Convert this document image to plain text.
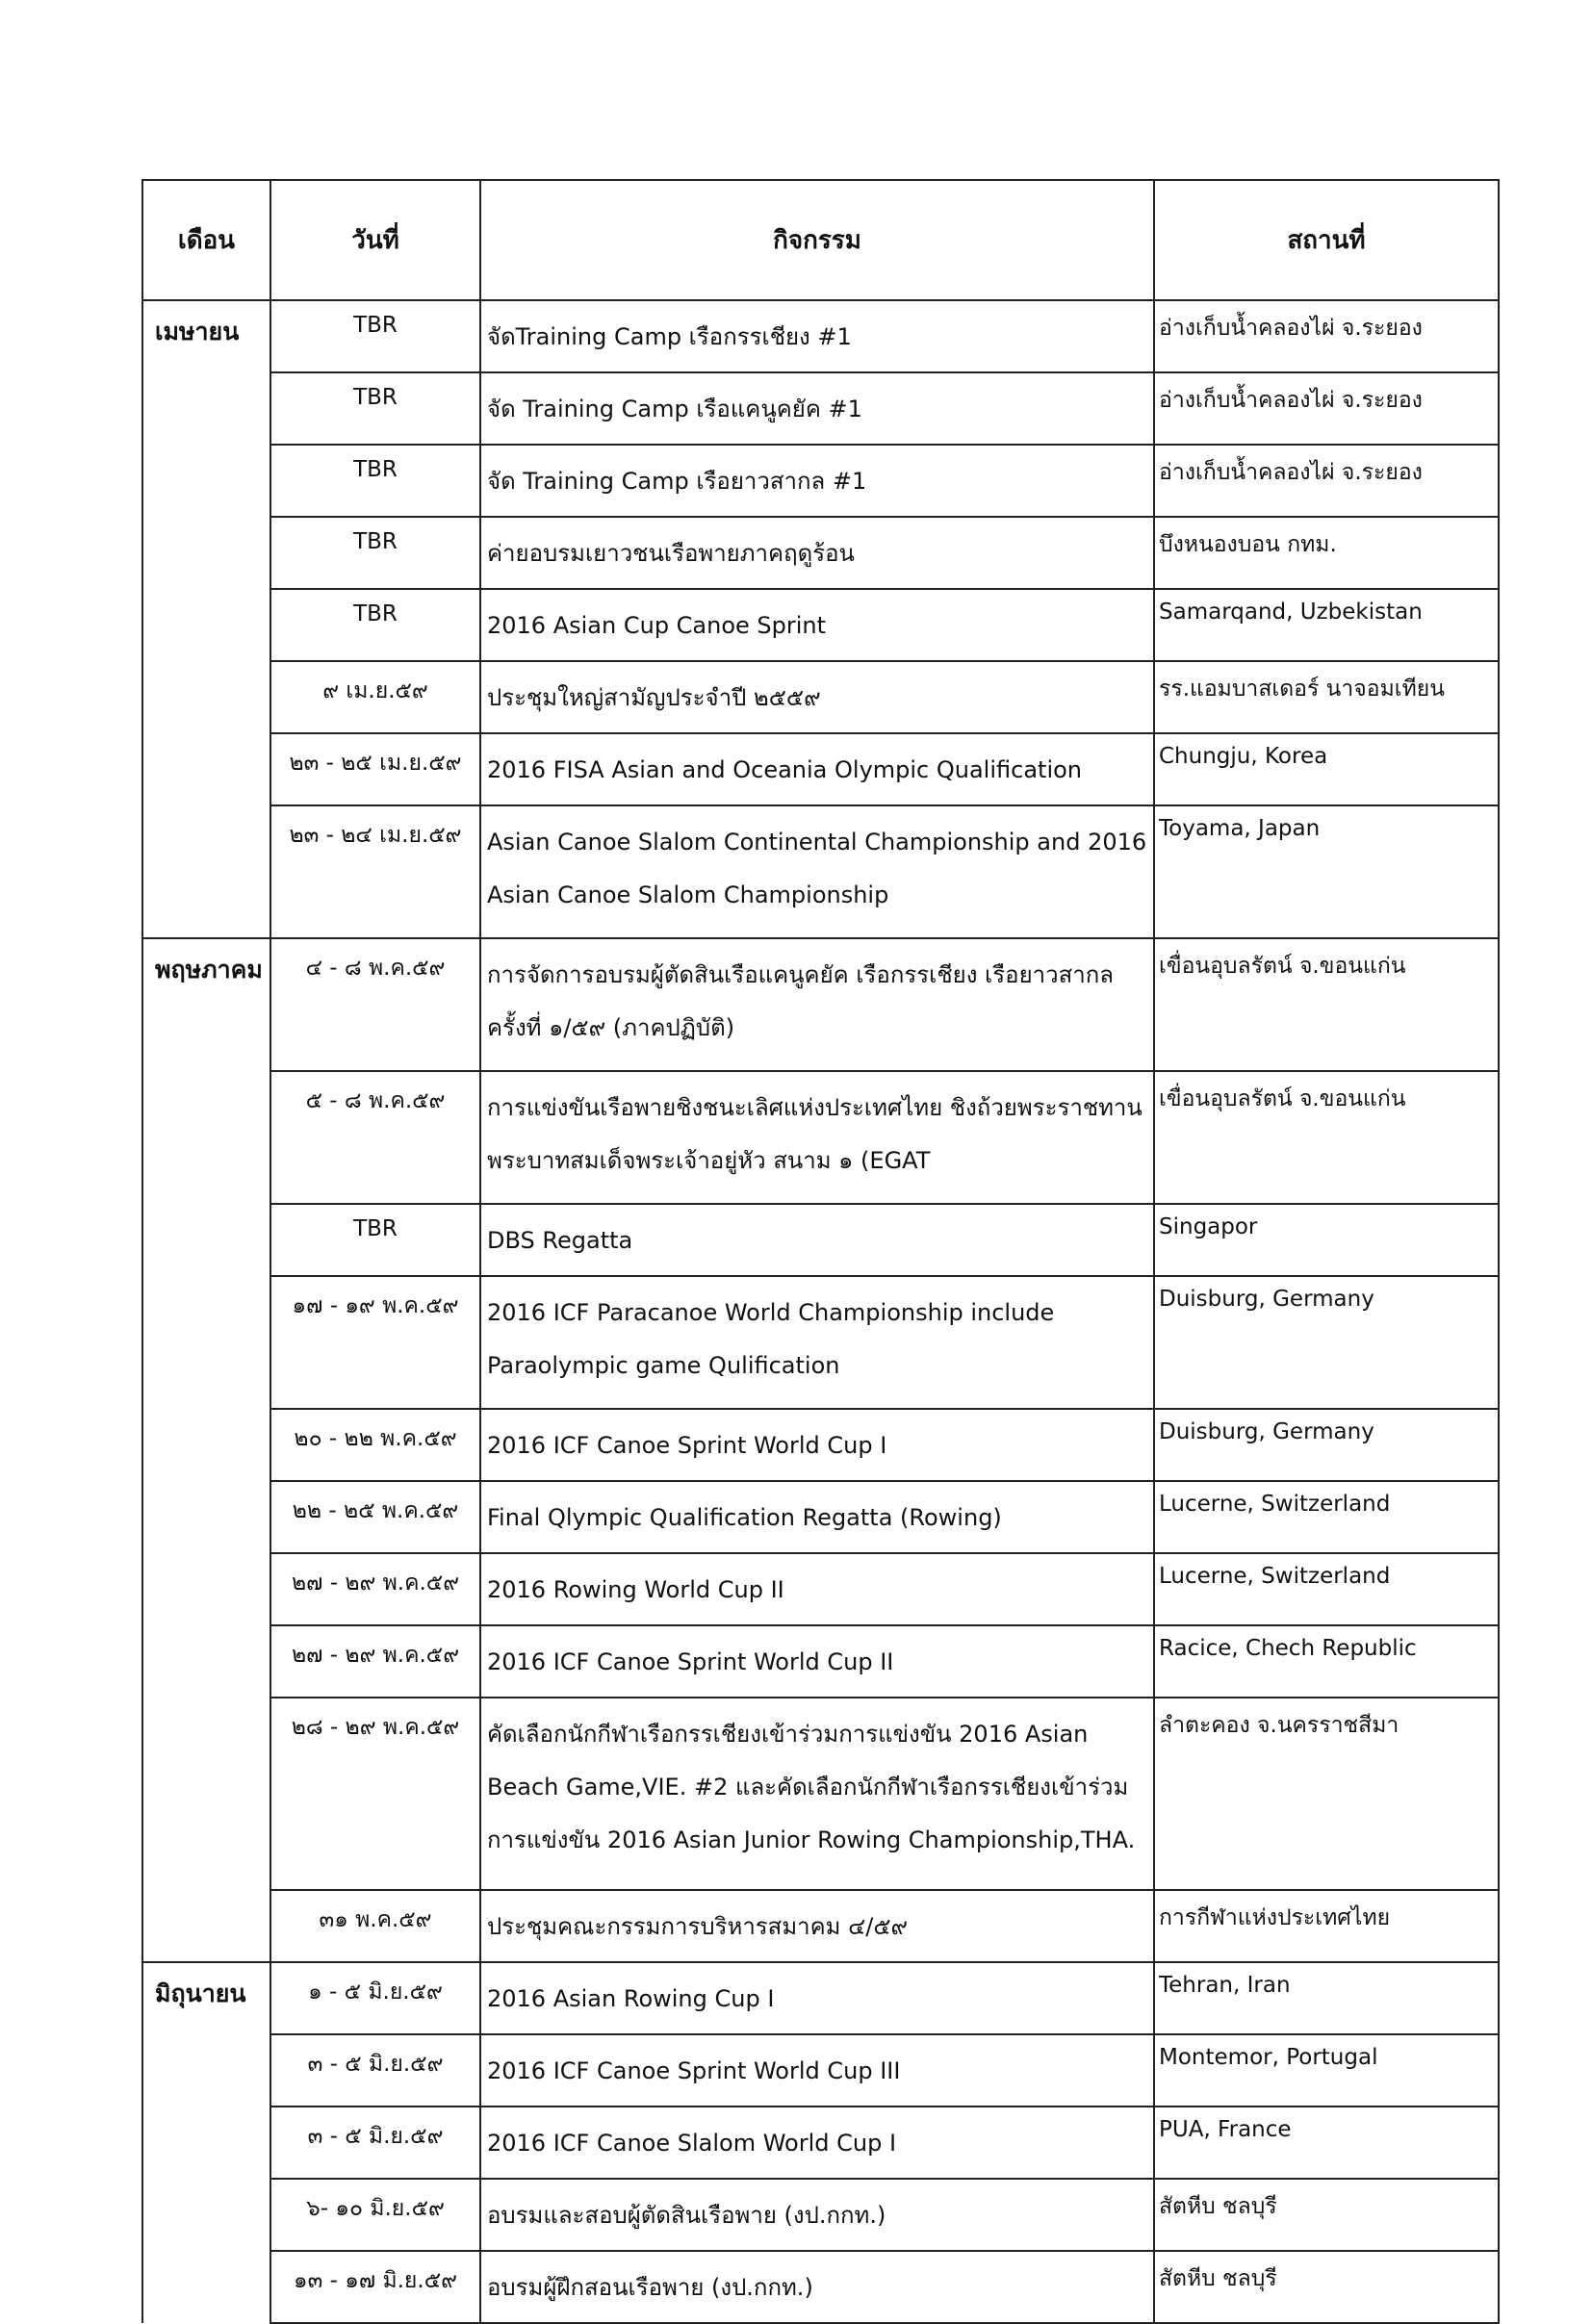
เดือน	วันที่	กิจกรรม	สถานที่
เมษายน	TBR	จัดTraining Camp เรือกรรเชียง #1	อ่างเก็บน้ำคลองไผ่ จ.ระยอง
	TBR	จัด Training Camp เรือแคนูคยัค #1	อ่างเก็บน้ำคลองไผ่ จ.ระยอง
	TBR	จัด Training Camp เรือยาวสากล #1	อ่างเก็บน้ำคลองไผ่ จ.ระยอง
	TBR	ค่ายอบรมเยาวชนเรือพายภาคฤดูร้อน	บึงหนองบอน กทม.
	TBR	2016 Asian Cup Canoe Sprint	Samarqand, Uzbekistan
	๙ เม.ย.๕๙	ประชุมใหญ่สามัญประจำปี ๒๕๕๙	รร.แอมบาสเดอร์ นาจอมเทียน
	๒๓ - ๒๕ เม.ย.๕๙	2016 FISA Asian and Oceania Olympic Qualification	Chungju, Korea
	๒๓ - ๒๔ เม.ย.๕๙	Asian Canoe Slalom Continental Championship and 2016 Asian Canoe Slalom Championship	Toyama, Japan
พฤษภาคม	๔ - ๘ พ.ค.๕๙	การจัดการอบรมผู้ตัดสินเรือแคนูคยัค เรือกรรเชียง เรือยาวสากล ครั้งที่ ๑/๕๙ (ภาคปฏิบัติ)	เขื่อนอุบลรัตน์ จ.ขอนแก่น
	๕ - ๘ พ.ค.๕๙	การแข่งขันเรือพายชิงชนะเลิศแห่งประเทศไทย ชิงถ้วยพระราชทานพระบาทสมเด็จพระเจ้าอยู่หัว สนาม ๑ (EGAT	เขื่อนอุบลรัตน์ จ.ขอนแก่น
	TBR	DBS Regatta	Singapor
	๑๗ - ๑๙ พ.ค.๕๙	2016 ICF Paracanoe World Championship include Paraolympic game Qulification	Duisburg, Germany
	๒๐ - ๒๒ พ.ค.๕๙	2016 ICF Canoe Sprint World Cup I	Duisburg, Germany
	๒๒ - ๒๕ พ.ค.๕๙	Final Qlympic Qualification Regatta (Rowing)	Lucerne, Switzerland
	๒๗ - ๒๙ พ.ค.๕๙	2016 Rowing World Cup II	Lucerne, Switzerland
	๒๗ - ๒๙ พ.ค.๕๙	2016 ICF Canoe Sprint World Cup II	Racice, Chech Republic
	๒๘ - ๒๙ พ.ค.๕๙	คัดเลือกนักกีฬาเรือกรรเชียงเข้าร่วมการแข่งขัน 2016 Asian Beach Game,VIE. #2 และคัดเลือกนักกีฬาเรือกรรเชียงเข้าร่วมการแข่งขัน 2016 Asian Junior Rowing Championship,THA.	ลำตะคอง จ.นครราชสีมา
	๓๑ พ.ค.๕๙	ประชุมคณะกรรมการบริหารสมาคม ๔/๕๙	การกีฬาแห่งประเทศไทย
มิถุนายน	๑ - ๕ มิ.ย.๕๙	2016 Asian Rowing Cup I	Tehran, Iran
	๓ - ๕ มิ.ย.๕๙	2016 ICF Canoe Sprint World Cup III	Montemor, Portugal
	๓ - ๕ มิ.ย.๕๙	2016 ICF Canoe Slalom World Cup I	PUA, France
	๖- ๑๐ มิ.ย.๕๙	อบรมและสอบผู้ตัดสินเรือพาย (งป.กกท.)	สัตหีบ ชลบุรี
	๑๓ - ๑๗ มิ.ย.๕๙	อบรมผู้ฝึกสอนเรือพาย (งป.กกท.)	สัตหีบ ชลบุรี
